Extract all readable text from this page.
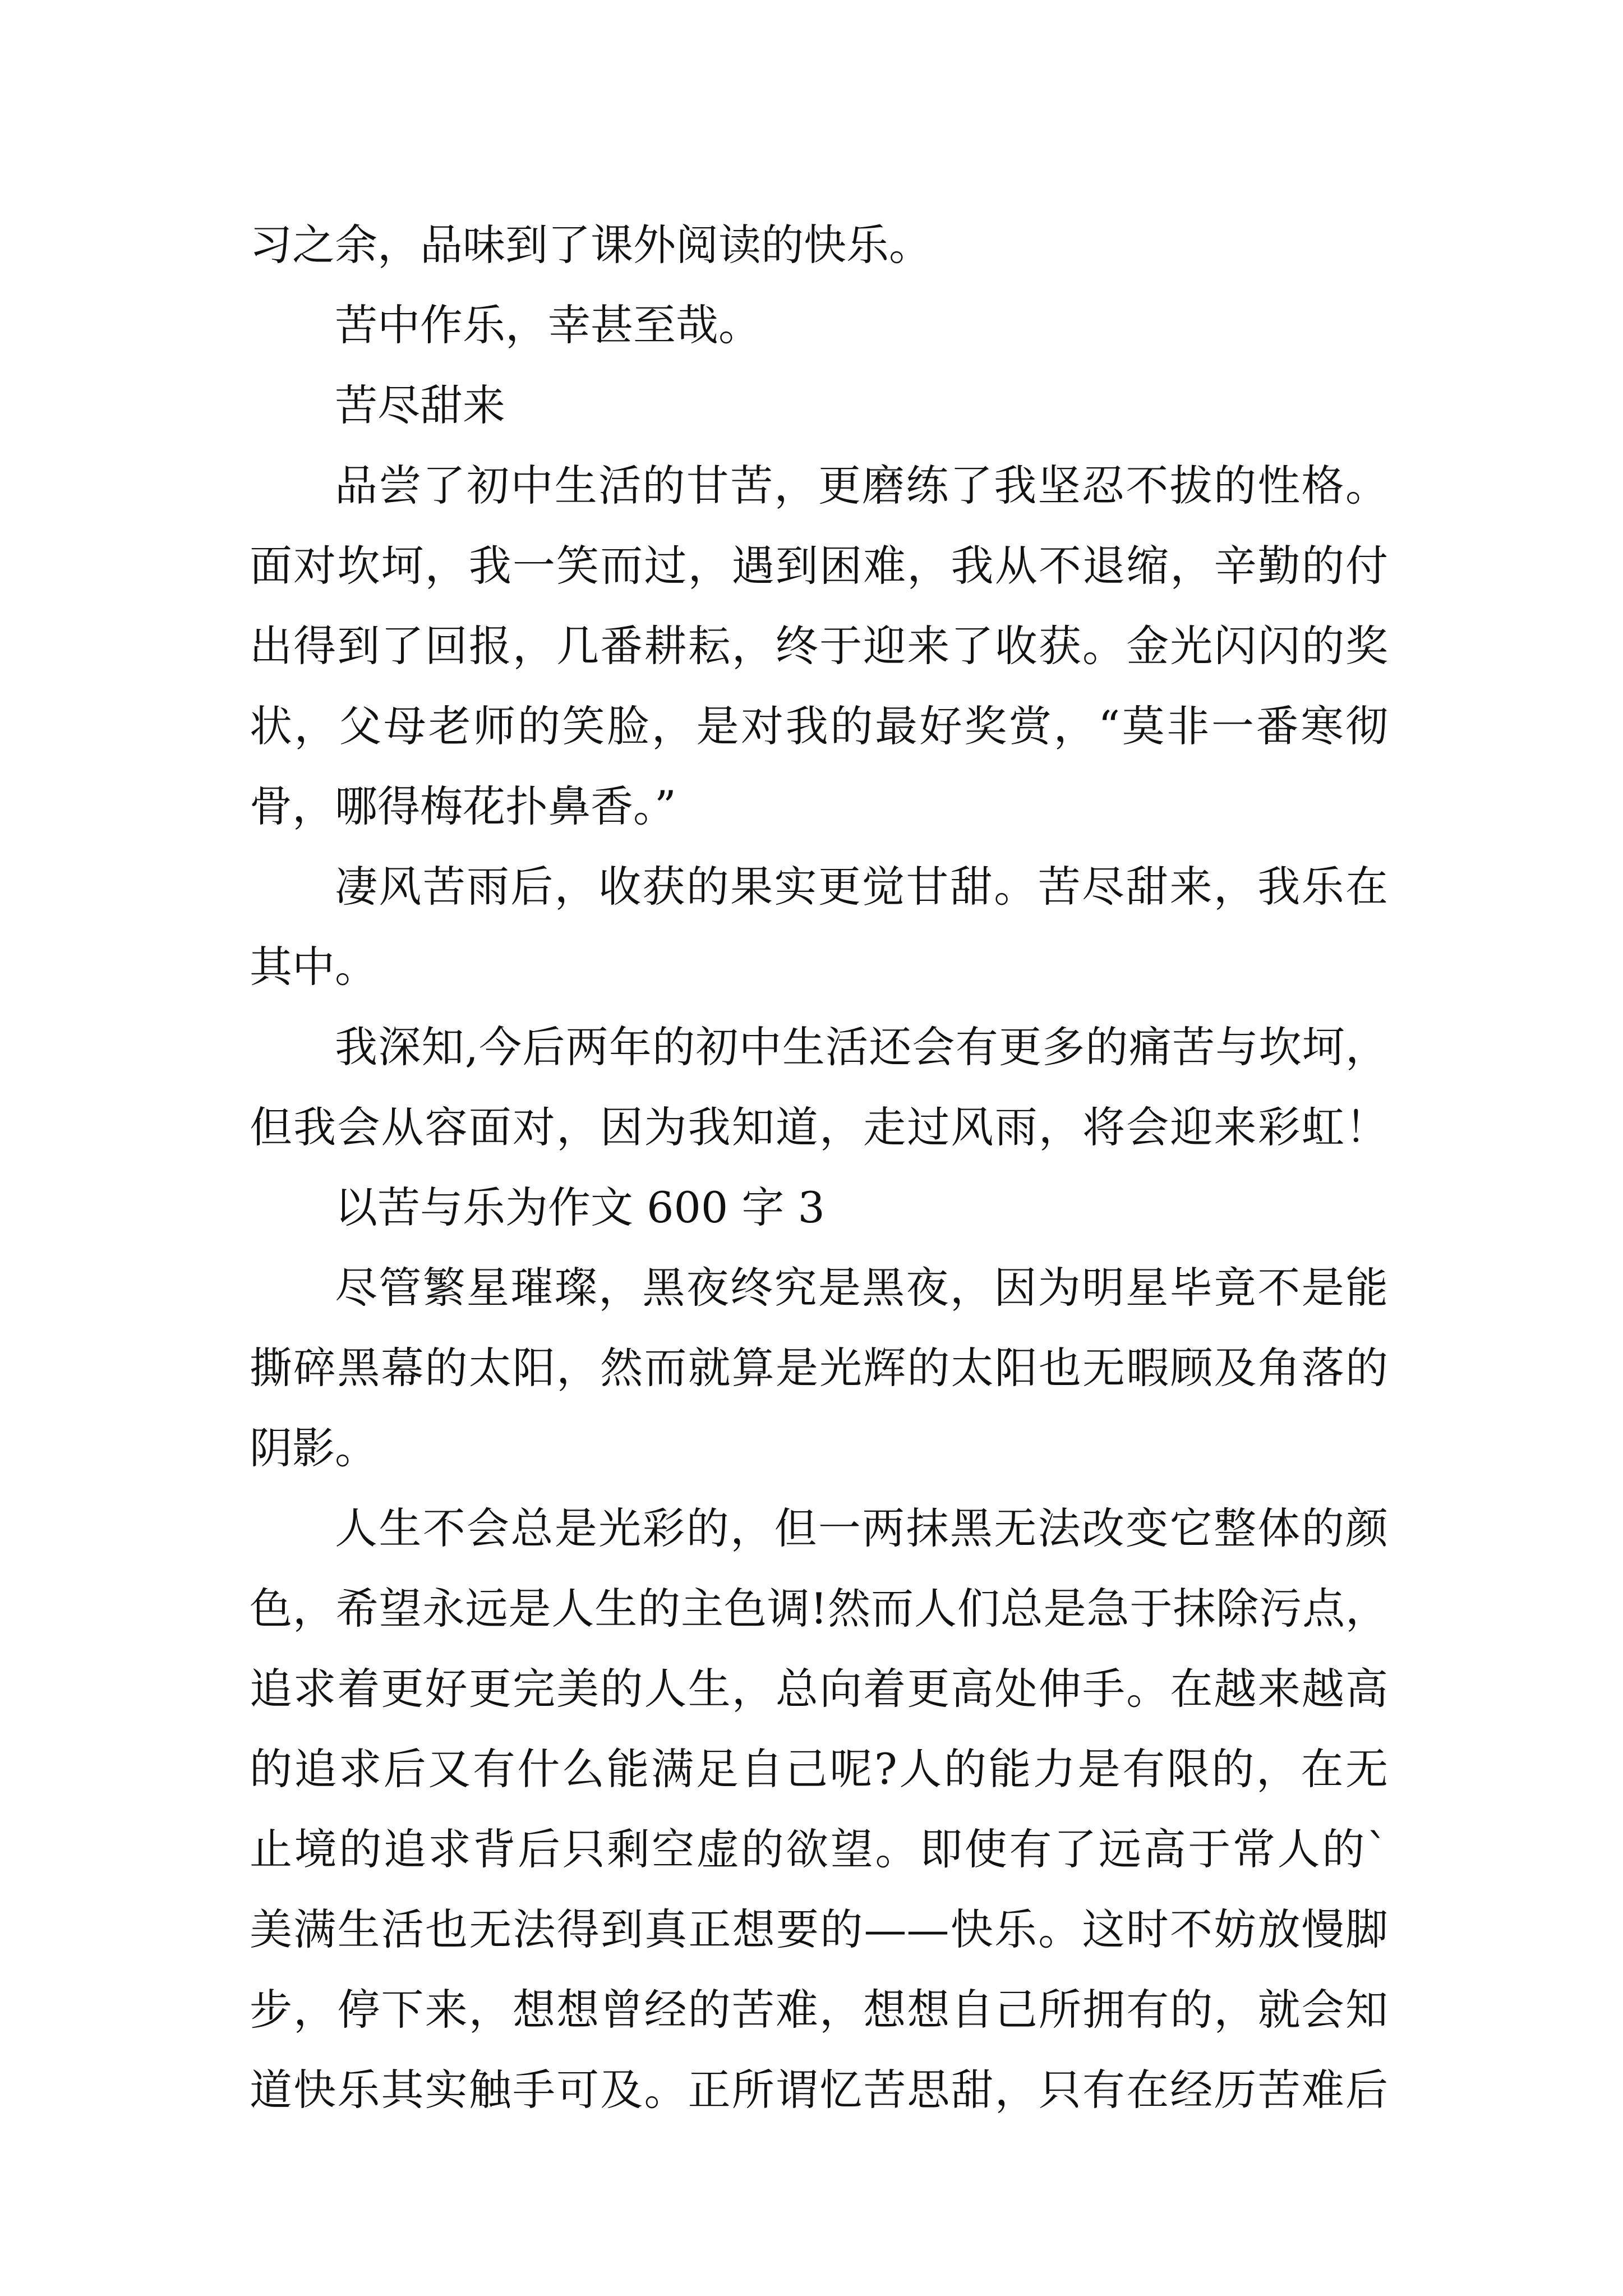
习之余，品味到了课外阅读的快乐。
苦中作乐，幸甚至哉。
苦尽甜来
品尝了初中生活的甘苦，更磨练了我坚忍不拔的性格。
面对坎坷，我一笑而过，遇到困难，我从不退缩，辛勤的付
出得到了回报，几番耕耘，终于迎来了收获。金光闪闪的奖
状，父母老师的笑脸，是对我的最好奖赏，“莫非一番寒彻
骨，哪得梅花扑鼻香。”
凄风苦雨后，收获的果实更觉甘甜。苦尽甜来，我乐在
其中。
我深知,今后两年的初中生活还会有更多的痛苦与坎坷，
但我会从容面对，因为我知道，走过风雨，将会迎来彩虹！
以苦与乐为作文 600 字 3
尽管繁星璀璨，黑夜终究是黑夜，因为明星毕竟不是能
撕碎黑幕的太阳，然而就算是光辉的太阳也无暇顾及角落的
阴影。
人生不会总是光彩的，但一两抹黑无法改变它整体的颜
色，希望永远是人生的主色调!然而人们总是急于抹除污点，
追求着更好更完美的人生，总向着更高处伸手。在越来越高
的追求后又有什么能满足自己呢?人的能力是有限的，在无
止境的追求背后只剩空虚的欲望。即使有了远高于常人的`
美满生活也无法得到真正想要的——快乐。这时不妨放慢脚
步，停下来，想想曾经的苦难，想想自己所拥有的，就会知
道快乐其实触手可及。正所谓忆苦思甜，只有在经历苦难后
